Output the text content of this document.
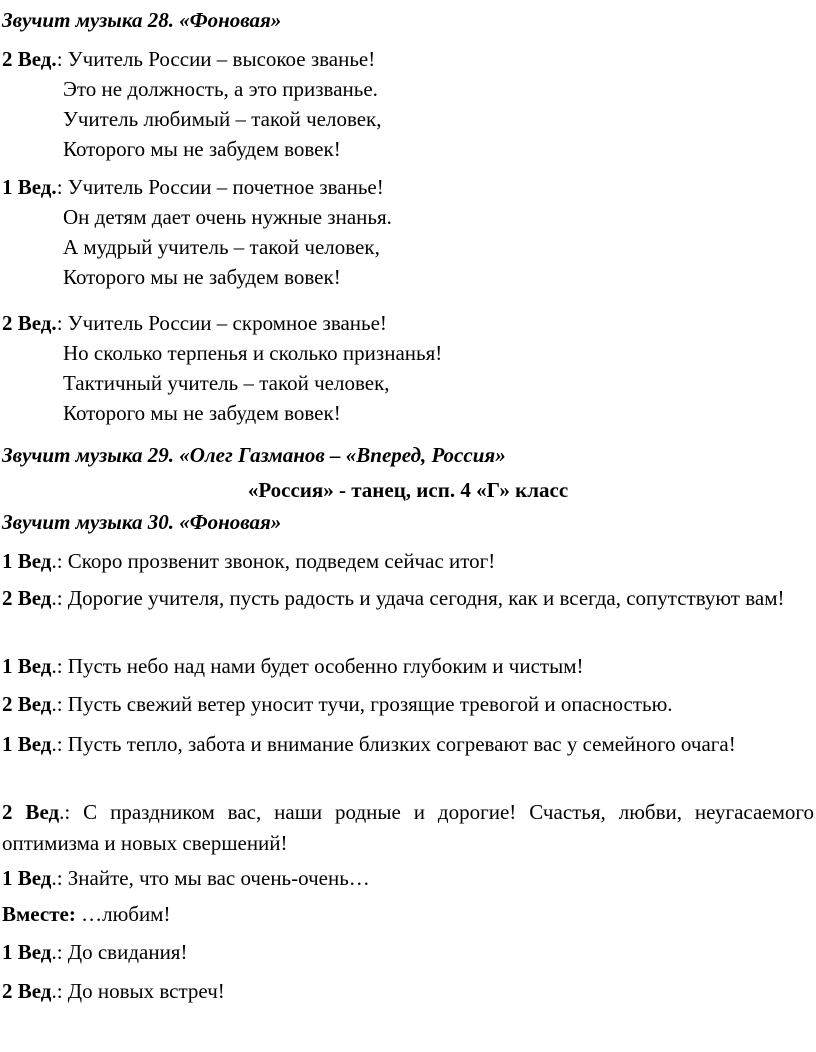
Звучит музыка 28. «Фоновая»
2 Вед.: Учитель России – высокое званье!
Это не должность, а это призванье.
Учитель любимый – такой человек,
Которого мы не забудем вовек!
1 Вед.: Учитель России – почетное званье!
Он детям дает очень нужные знанья.
А мудрый учитель – такой человек,
Которого мы не забудем вовек!
2 Вед.: Учитель России – скромное званье!
Но сколько терпенья и сколько признанья!
Тактичный учитель – такой человек,
Которого мы не забудем вовек!
Звучит музыка 29. «Олег Газманов – «Вперед, Россия»
«Россия» - танец, исп. 4 «Г» класс
Звучит музыка 30. «Фоновая»
1 Вед.: Скоро прозвенит звонок, подведем сейчас итог!
2 Вед.: Дорогие учителя, пусть радость и удача сегодня, как и всегда, сопутствуют вам!
1 Вед.: Пусть небо над нами будет особенно глубоким и чистым!
2 Вед.: Пусть свежий ветер уносит тучи, грозящие тревогой и опасностью.
1 Вед.: Пусть тепло, забота и внимание близких согревают вас у семейного очага!
2 Вед.: С праздником вас, наши родные и дорогие! Счастья, любви, неугасаемого оптимизма и новых свершений!
1 Вед.: Знайте, что мы вас очень-очень…
Вместе: …любим!
1 Вед.: До свидания!
2 Вед.: До новых встреч!
